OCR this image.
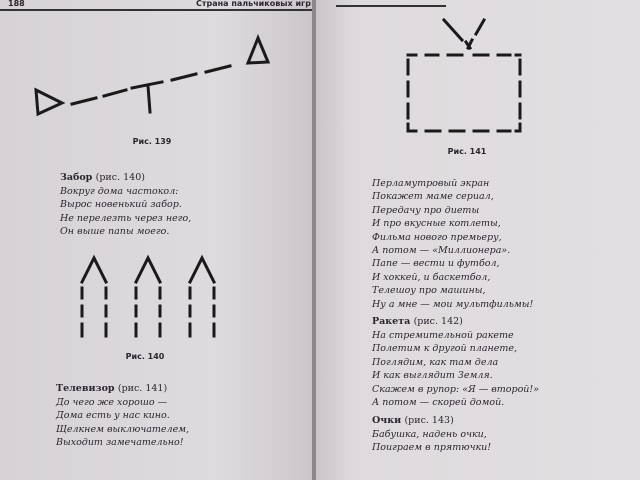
188	Страна пальчиковых игр
Рис. 139
Забор (рис. 140)
Вокруг дома частокол:
Вырос новенький забор.
Не перелезть через него,
Он выше папы моего.
Рис. 140
Телевизор (рис. 141)
До чего же хорошо —
Дома есть у нас кино.
Щелкнем выключателем,
Выходит замечательно!
Рис. 141
Перламутровый экран
Покажет маме сериал,
Передачу про диеты
И про вкусные котлеты,
Фильма нового премьеру,
А потом — «Миллионера».
Папе — вести и футбол,
И хоккей, и баскетбол,
Телешоу про машины,
Ну а мне — мои мультфильмы!
Ракета (рис. 142)
На стремительной ракете
Полетим к другой планете,
Поглядим, как там дела
И как выглядит Земля.
Скажем в рупор: «Я — второй!»
А потом — скорей домой.
Очки (рис. 143)
Бабушка, надень очки,
Поиграем в прятючки!
